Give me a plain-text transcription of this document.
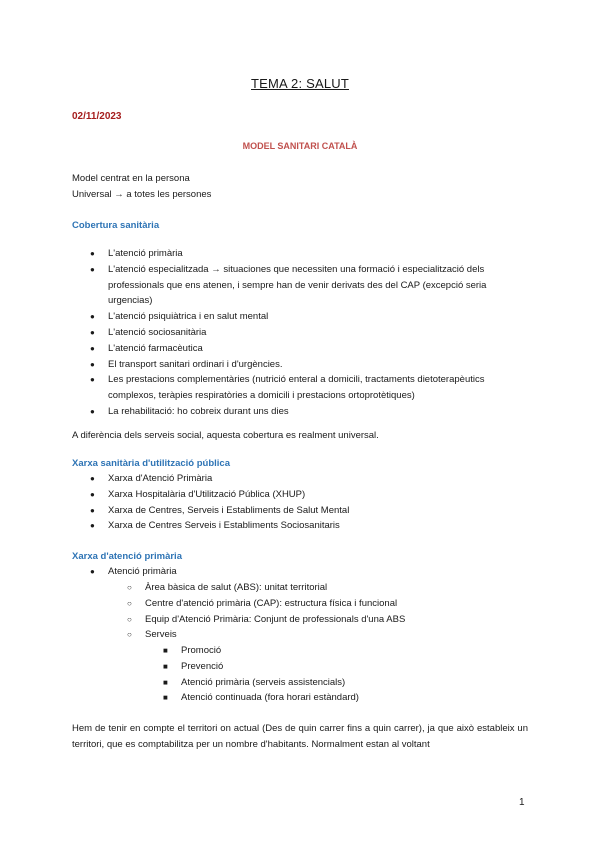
TEMA 2: SALUT
02/11/2023
MODEL SANITARI CATALÀ
Model centrat en la persona
Universal → a totes les persones
Cobertura sanitària
●	L'atenció primària
●	L'atenció especialitzada → situaciones que necessiten una formació i especialització dels professionals que ens atenen, i sempre han de venir derivats des del CAP (excepció seria urgencias)
●	L'atenció psiquiàtrica i en salut mental
●	L'atenció sociosanitària
●	L'atenció farmacèutica
●	El transport sanitari ordinari i d'urgències.
●	Les prestacions complementàries (nutrició enteral a domicili, tractaments dietoterapèutics complexos, teràpies respiratòries a domicili i prestacions ortoprotètiques)
●	La rehabilitació: ho cobreix durant uns dies
A diferència dels serveis social, aquesta cobertura es realment universal.
Xarxa sanitària d'utilització pública
●	Xarxa d'Atenció Primària
●	Xarxa Hospitalària d'Utilització Pública (XHUP)
●	Xarxa de Centres, Serveis i Establiments de Salut Mental
●	Xarxa de Centres Serveis i Establiments Sociosanitaris
Xarxa d'atenció primària
●	Atenció primària
○	Àrea bàsica de salut (ABS): unitat territorial
○	Centre d'atenció primària (CAP): estructura física i funcional
○	Equip d'Atenció Primària: Conjunt de professionals d'una ABS
○	Serveis
■	Promoció
■	Prevenció
■	Atenció primària (serveis assistencials)
■	Atenció continuada (fora horari estàndard)
Hem de tenir en compte el territori on actual (Des de quin carrer fins a quin carrer), ja que això estableix un territori, que es comptabilitza per un nombre d'habitants. Normalment estan al voltant
1
